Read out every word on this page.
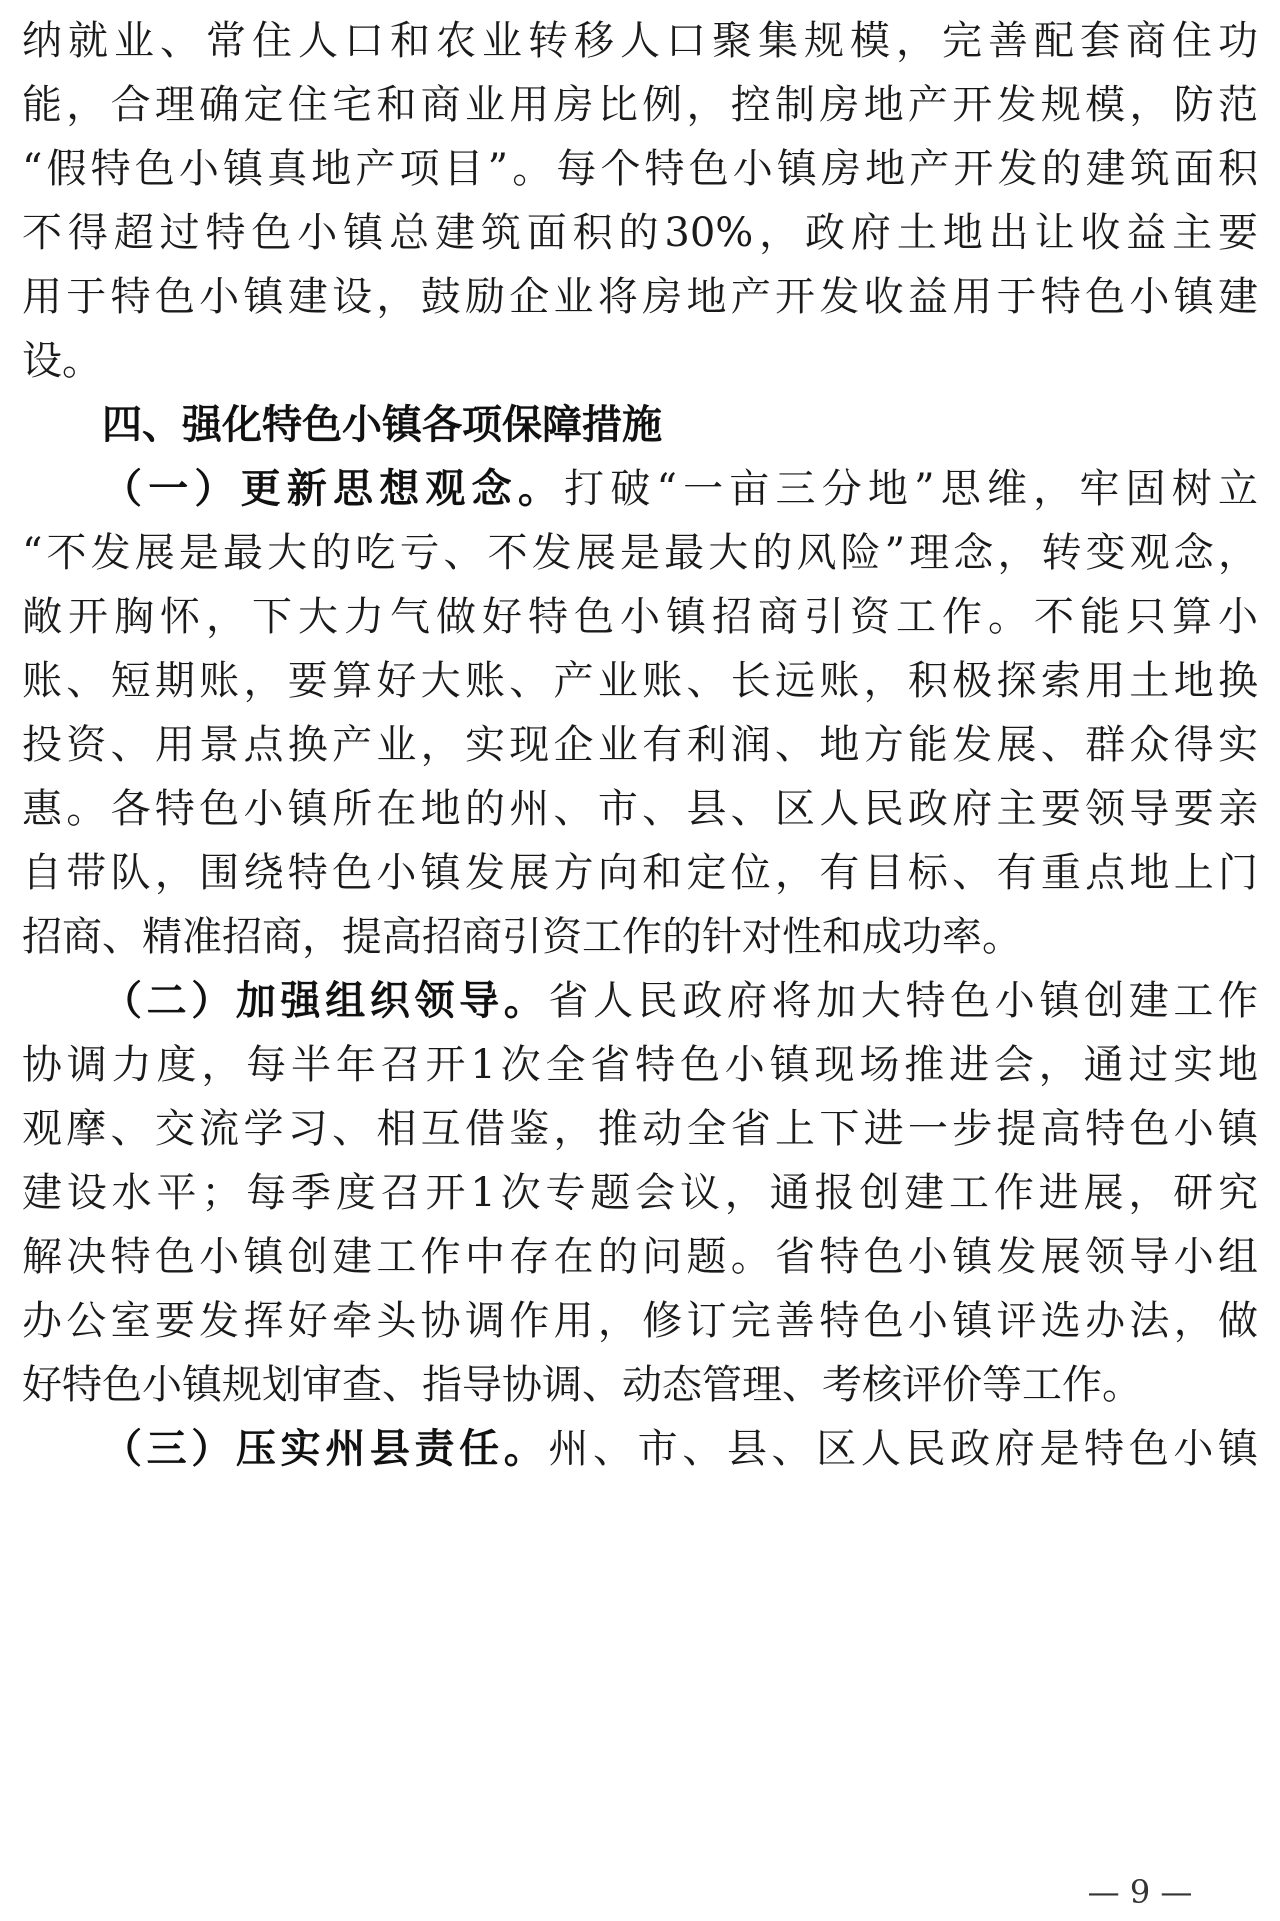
纳就业、常住人口和农业转移人口聚集规模，完善配套商住功
能，合理确定住宅和商业用房比例，控制房地产开发规模，防范
“假特色小镇真地产项目”。每个特色小镇房地产开发的建筑面积
不得超过特色小镇总建筑面积的30%，政府土地出让收益主要
用于特色小镇建设，鼓励企业将房地产开发收益用于特色小镇建
设。
四、强化特色小镇各项保障措施
（一）更新思想观念。打破“一亩三分地”思维，牢固树立
“不发展是最大的吃亏、不发展是最大的风险”理念，转变观念，
敞开胸怀，下大力气做好特色小镇招商引资工作。不能只算小
账、短期账，要算好大账、产业账、长远账，积极探索用土地换
投资、用景点换产业，实现企业有利润、地方能发展、群众得实
惠。各特色小镇所在地的州、市、县、区人民政府主要领导要亲
自带队，围绕特色小镇发展方向和定位，有目标、有重点地上门
招商、精准招商，提高招商引资工作的针对性和成功率。
（二）加强组织领导。省人民政府将加大特色小镇创建工作
协调力度，每半年召开1次全省特色小镇现场推进会，通过实地
观摩、交流学习、相互借鉴，推动全省上下进一步提高特色小镇
建设水平；每季度召开1次专题会议，通报创建工作进展，研究
解决特色小镇创建工作中存在的问题。省特色小镇发展领导小组
办公室要发挥好牵头协调作用，修订完善特色小镇评选办法，做
好特色小镇规划审查、指导协调、动态管理、考核评价等工作。
（三）压实州县责任。州、市、县、区人民政府是特色小镇
— 9 —
